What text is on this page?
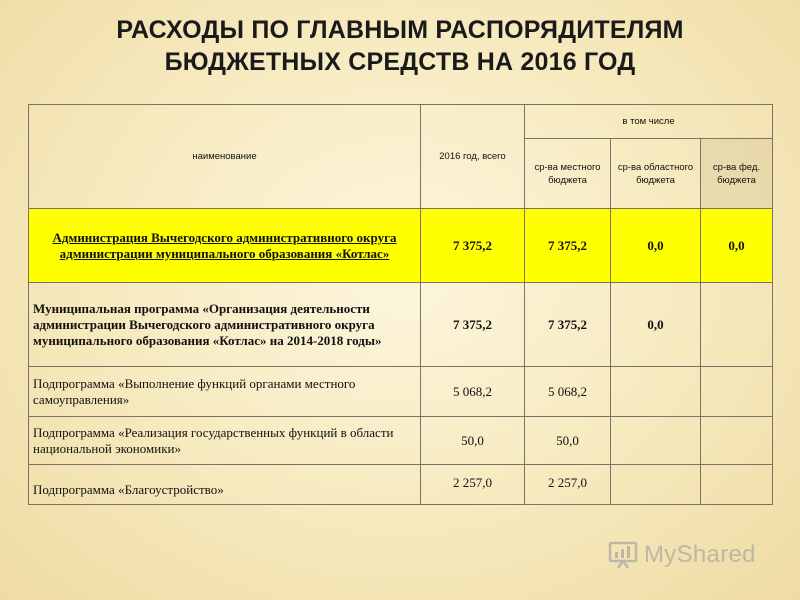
РАСХОДЫ ПО ГЛАВНЫМ РАСПОРЯДИТЕЛЯМ
БЮДЖЕТНЫХ СРЕДСТВ НА 2016 ГОД
наименование	2016 год, всего	в том числе		
		ср-ва местного бюджета	ср-ва областного бюджета	ср-ва фед. бюджета
Администрация Вычегодского административного округа администрации муниципального образования «Котлас»	7 375,2	7 375,2	0,0	0,0
Муниципальная программа «Организация деятельности администрации Вычегодского административного округа муниципального образования «Котлас» на 2014-2018 годы»	7 375,2	7 375,2	0,0	
Подпрограмма «Выполнение функций органами местного самоуправления»	5 068,2	5 068,2		
Подпрограмма «Реализация государственных функций в области национальной экономики»	50,0	50,0		
Подпрограмма «Благоустройство»	2 257,0	2 257,0		
MyShared
